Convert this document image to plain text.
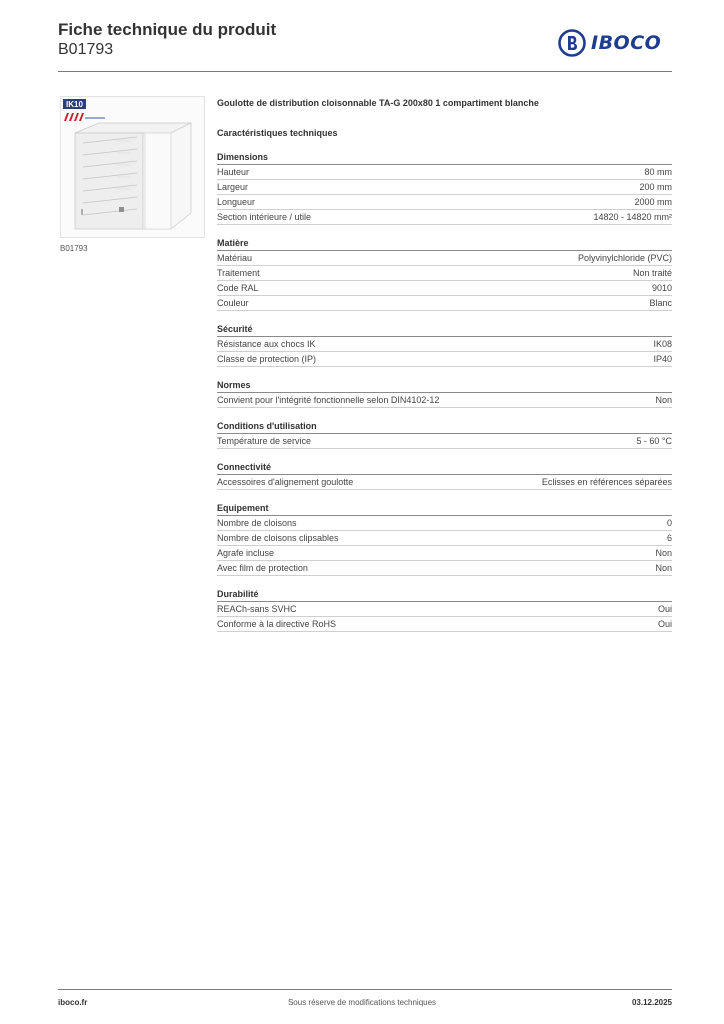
Fiche technique du produit
B01793	IBOCO
IK10
B01793
Goulotte de distribution cloisonnable TA-G 200x80 1 compartiment blanche
Caractéristiques techniques
Dimensions
Hauteur	80 mm
Largeur	200 mm
Longueur	2000 mm
Section intérieure / utile	14820 - 14820 mm²
Matière
Matériau	Polyvinylchloride (PVC)
Traitement	Non traité
Code RAL	9010
Couleur	Blanc
Sécurité
Résistance aux chocs IK	IK08
Classe de protection (IP)	IP40
Normes
Convient pour l'intégrité fonctionnelle selon DIN4102-12	Non
Conditions d'utilisation
Température de service	5 - 60 °C
Connectivité
Accessoires d'alignement goulotte	Eclisses en références séparées
Equipement
Nombre de cloisons	0
Nombre de cloisons clipsables	6
Agrafe incluse	Non
Avec film de protection	Non
Durabilité
REACh-sans SVHC	Oui
Conforme à la directive RoHS	Oui
iboco.fr	Sous réserve de modifications techniques	03.12.2025
